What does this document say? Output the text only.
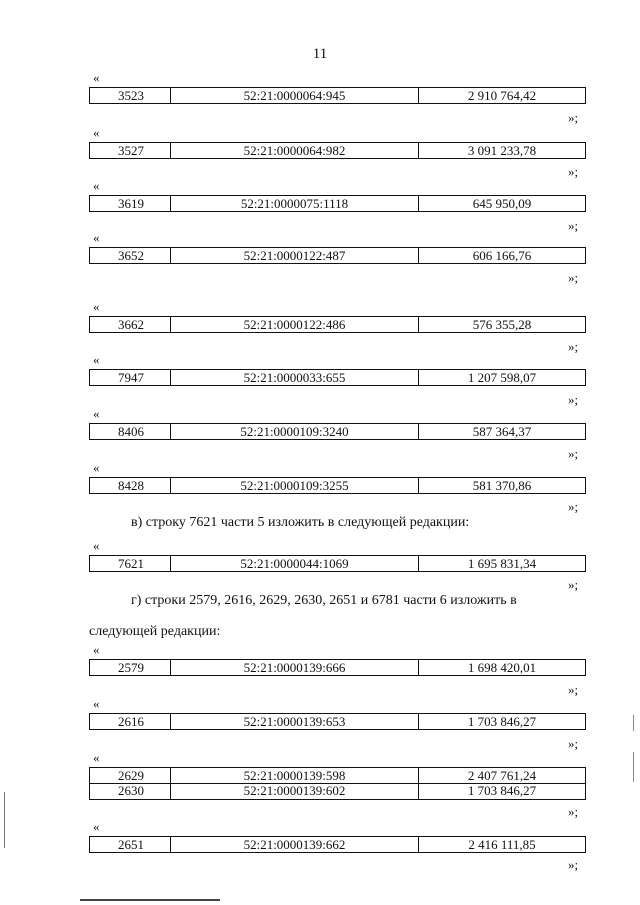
11
«
3523	52:21:0000064:945	2 910 764,42
»;
«
3527	52:21:0000064:982	3 091 233,78
»;
«
3619	52:21:0000075:1118	645 950,09
»;
«
3652	52:21:0000122:487	606 166,76
»;
«
3662	52:21:0000122:486	576 355,28
»;
«
7947	52:21:0000033:655	1 207 598,07
»;
«
8406	52:21:0000109:3240	587 364,37
»;
«
8428	52:21:0000109:3255	581 370,86
»;
«
7621	52:21:0000044:1069	1 695 831,34
»;
«
2579	52:21:0000139:666	1 698 420,01
»;
«
2616	52:21:0000139:653	1 703 846,27
»;
«
2629	52:21:0000139:598	2 407 761,24
2630	52:21:0000139:602	1 703 846,27
»;
«
2651	52:21:0000139:662	2 416 111,85
»;
в) строку 7621 части 5 изложить в следующей редакции:
г) строки 2579, 2616, 2629, 2630, 2651 и 6781 части 6 изложить в
следующей редакции:
